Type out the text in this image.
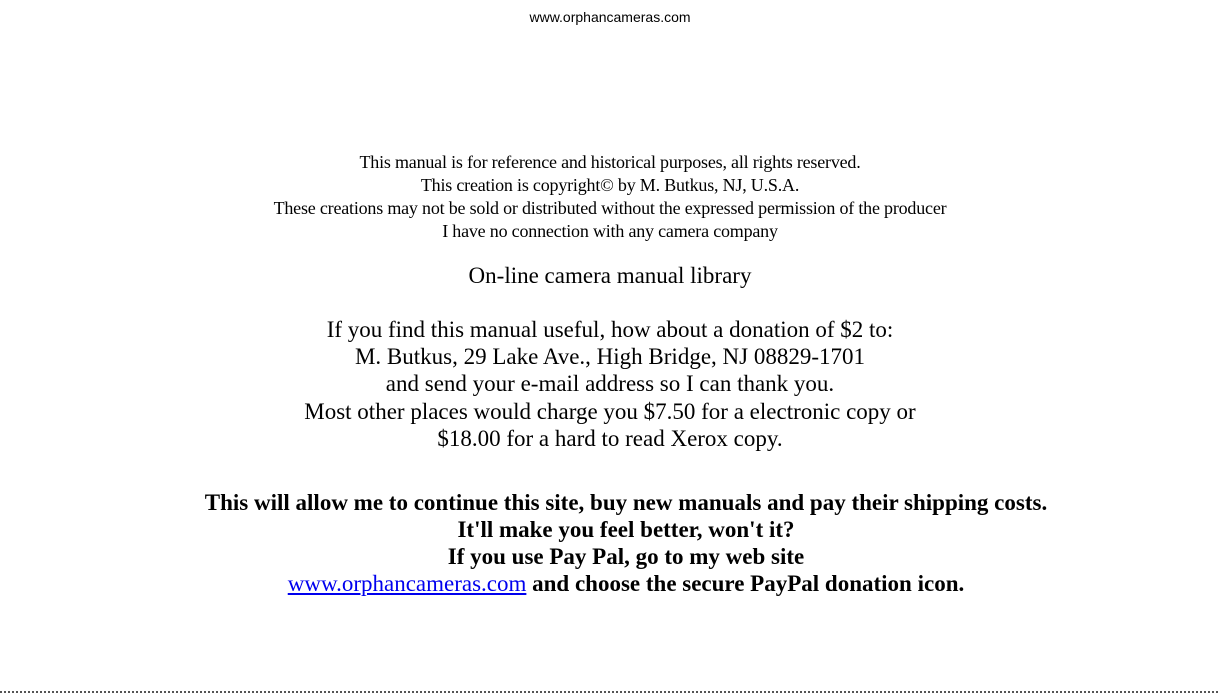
www.orphancameras.com
This manual is for reference and historical purposes, all rights reserved.
This creation is copyright© by M. Butkus, NJ, U.S.A.
These creations may not be sold or distributed without the expressed permission of the producer
I have no connection with any camera company
On-line camera manual library
If you find this manual useful, how about a donation of $2 to:
M. Butkus, 29 Lake Ave., High Bridge, NJ 08829-1701
and send your e-mail address so I can thank you.
Most other places would charge you $7.50 for a electronic copy or
$18.00 for a hard to read Xerox copy.
This will allow me to continue this site, buy new manuals and pay their shipping costs.
It'll make you feel better, won't it?
If you use Pay Pal, go to my web site
www.orphancameras.com and choose the secure PayPal donation icon.
